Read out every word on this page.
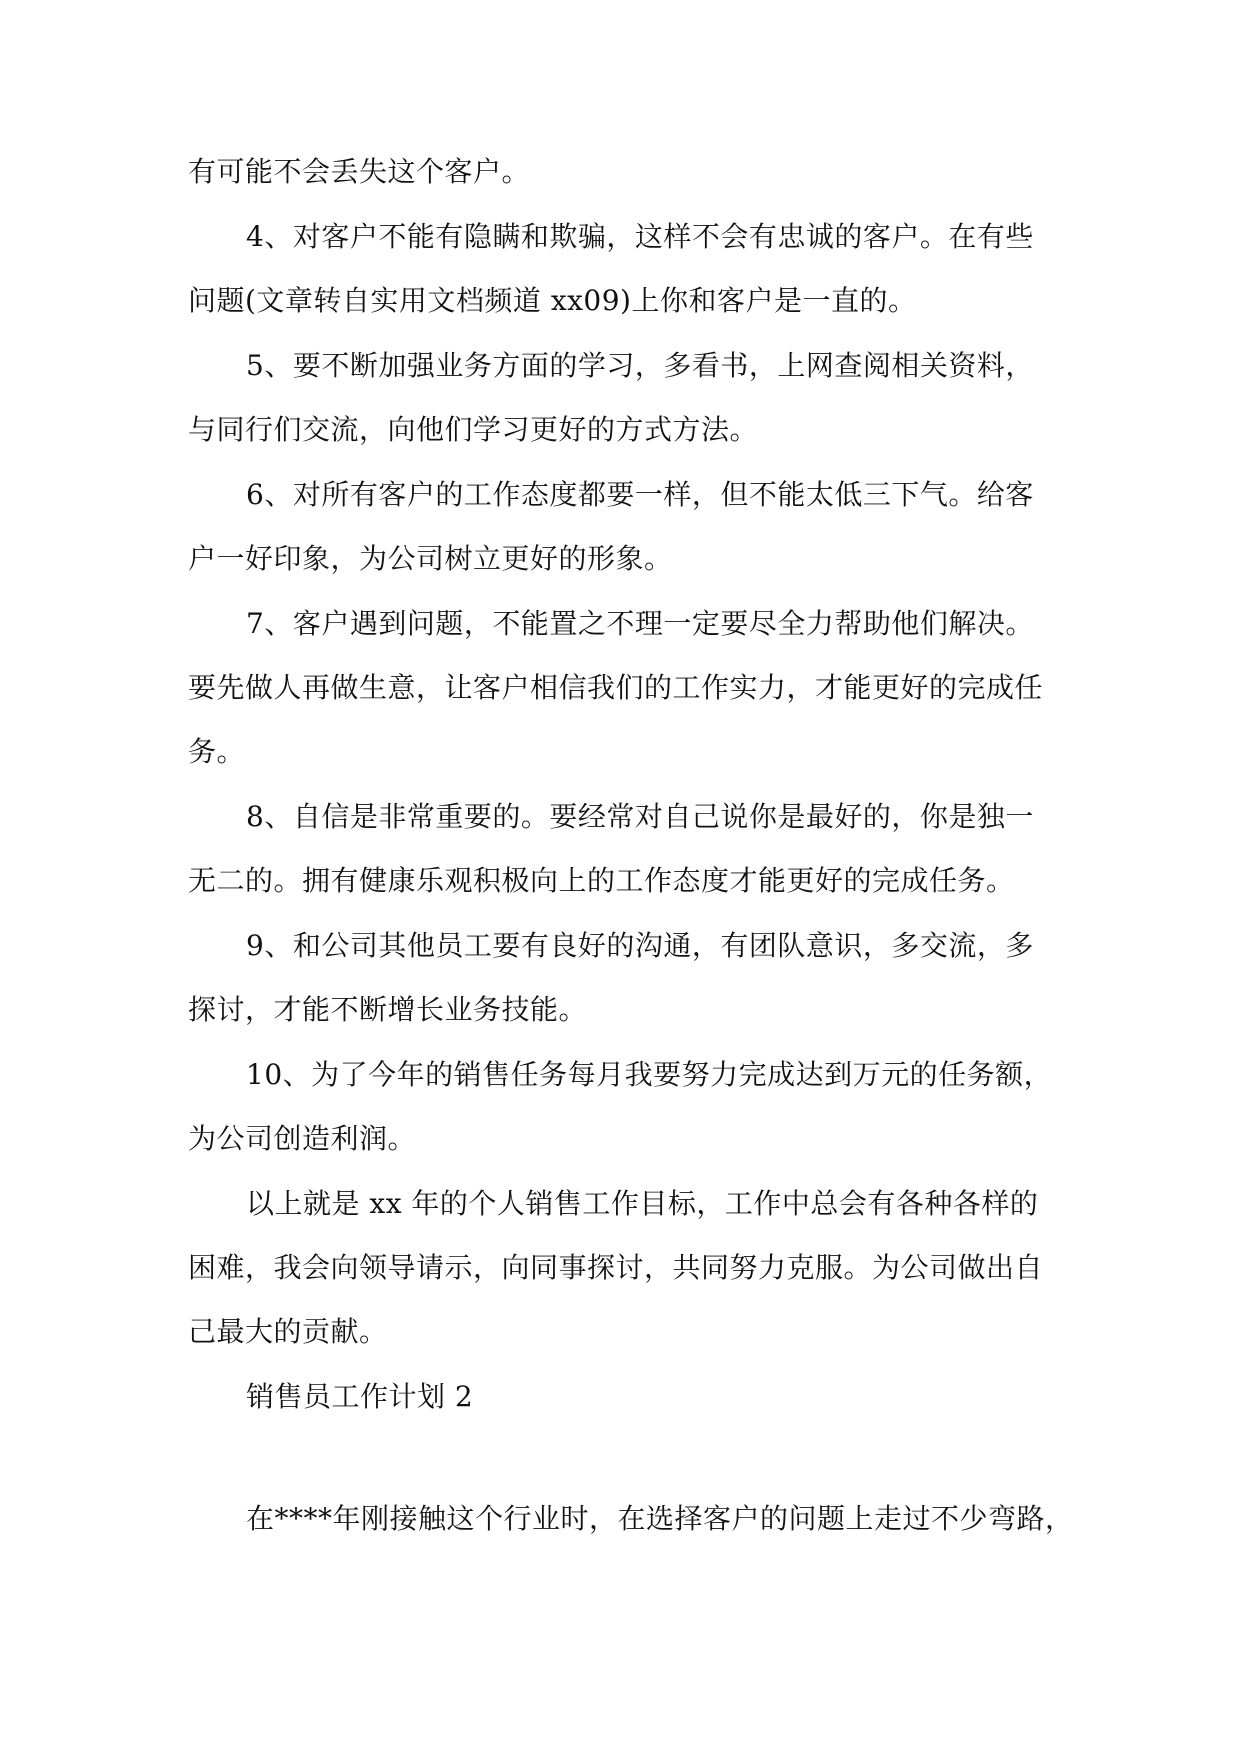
有可能不会丢失这个客户。
4、对客户不能有隐瞒和欺骗，这样不会有忠诚的客户。在有些
问题(文章转自实用文档频道 xx09)上你和客户是一直的。
5、要不断加强业务方面的学习，多看书，上网查阅相关资料，
与同行们交流，向他们学习更好的方式方法。
6、对所有客户的工作态度都要一样，但不能太低三下气。给客
户一好印象，为公司树立更好的形象。
7、客户遇到问题，不能置之不理一定要尽全力帮助他们解决。
要先做人再做生意，让客户相信我们的工作实力，才能更好的完成任
务。
8、自信是非常重要的。要经常对自己说你是最好的，你是独一
无二的。拥有健康乐观积极向上的工作态度才能更好的完成任务。
9、和公司其他员工要有良好的沟通，有团队意识，多交流，多
探讨，才能不断增长业务技能。
10、为了今年的销售任务每月我要努力完成达到万元的任务额，
为公司创造利润。
以上就是 xx 年的个人销售工作目标，工作中总会有各种各样的
困难，我会向领导请示，向同事探讨，共同努力克服。为公司做出自
己最大的贡献。
销售员工作计划 2
在****年刚接触这个行业时，在选择客户的问题上走过不少弯路，
